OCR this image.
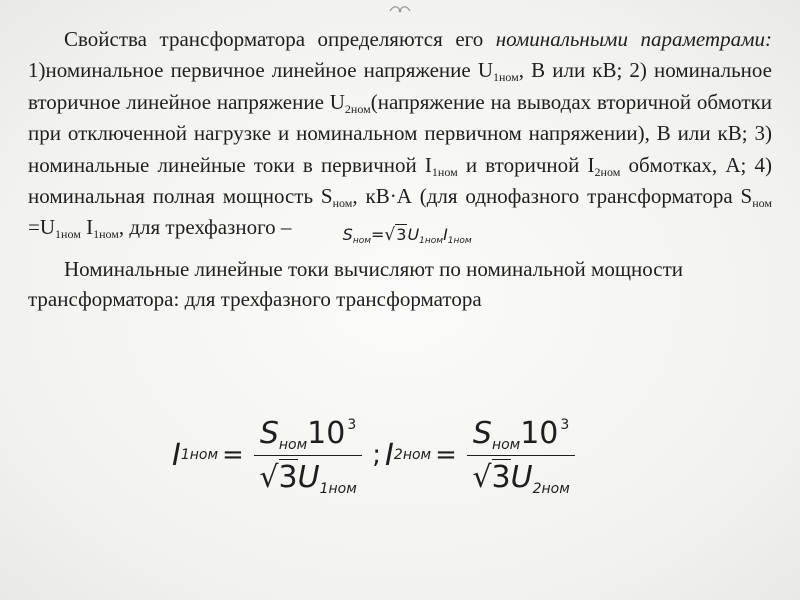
Свойства трансформатора определяются его номинальными параметрами: 1)номинальное первичное линейное напряжение $U_{1ном}$, В или кВ; 2) номинальное вторичное линейное напряжение $U_{2ном}(напряжение$ на выводах вторичной обмотки при отключенной нагрузке и номинальном первичном напряжении), В или кВ; 3) номинальные линейные токи в первичной $I_{1ном}$ и вторичной $I_{2ном}$ обмотках, А; 4) номинальная полная мощность $S_{ном}$, кВ·А (для однофазного трансформатора $S_{ном} =U_{1ном}$ $I_{1ном}$, для трехфазного –	$S_{ном}=√3U_{1ном}I_{1ном}$

Номинальные линейные токи вычисляют по номинальной мощности трансформатора: для трехфазного трансформатора

I $1ном = \frac{S_{ном}10 ^3}{√3U_{1ном}}$ ; I $2ном = \frac{S_{ном}10 ^3}{√3U_{2ном}}$
